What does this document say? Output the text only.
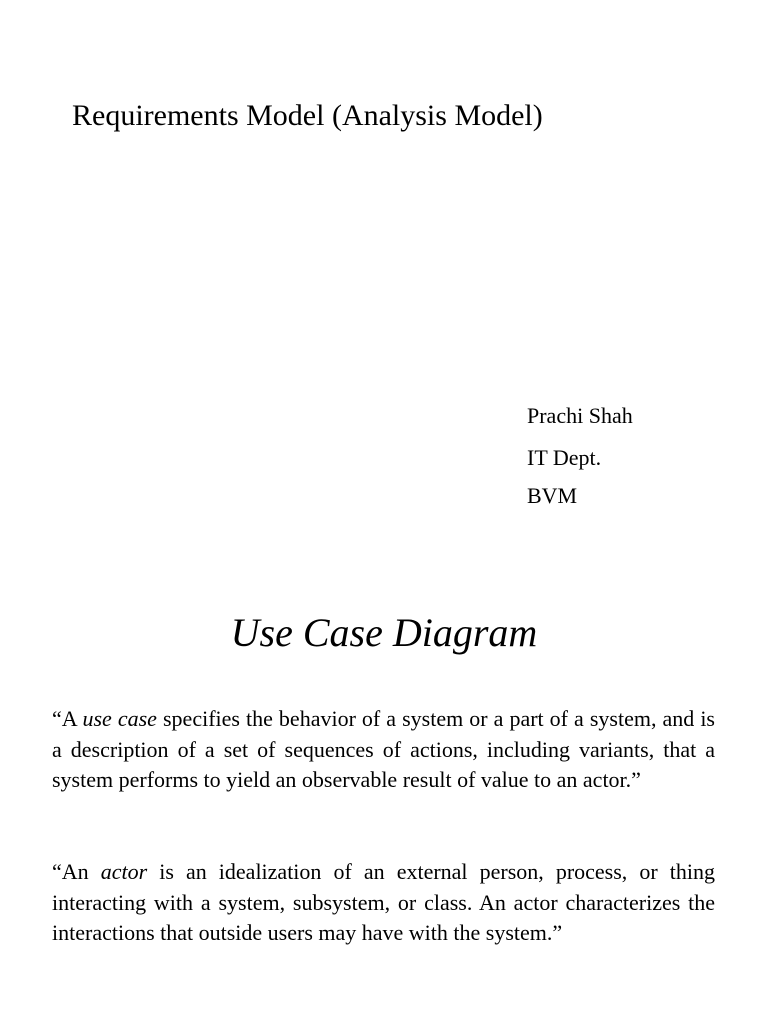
Requirements Model (Analysis Model)
Prachi Shah
IT Dept.
BVM
Use Case Diagram

“A use case specifies the behavior of a system or a part of a system, and is a description of a set of sequences of actions, including variants, that a system performs to yield an observable result of value to an actor.”

“An actor is an idealization of an external person, process, or thing interacting with a system, subsystem, or class. An actor characterizes the interactions that outside users may have with the system.”
